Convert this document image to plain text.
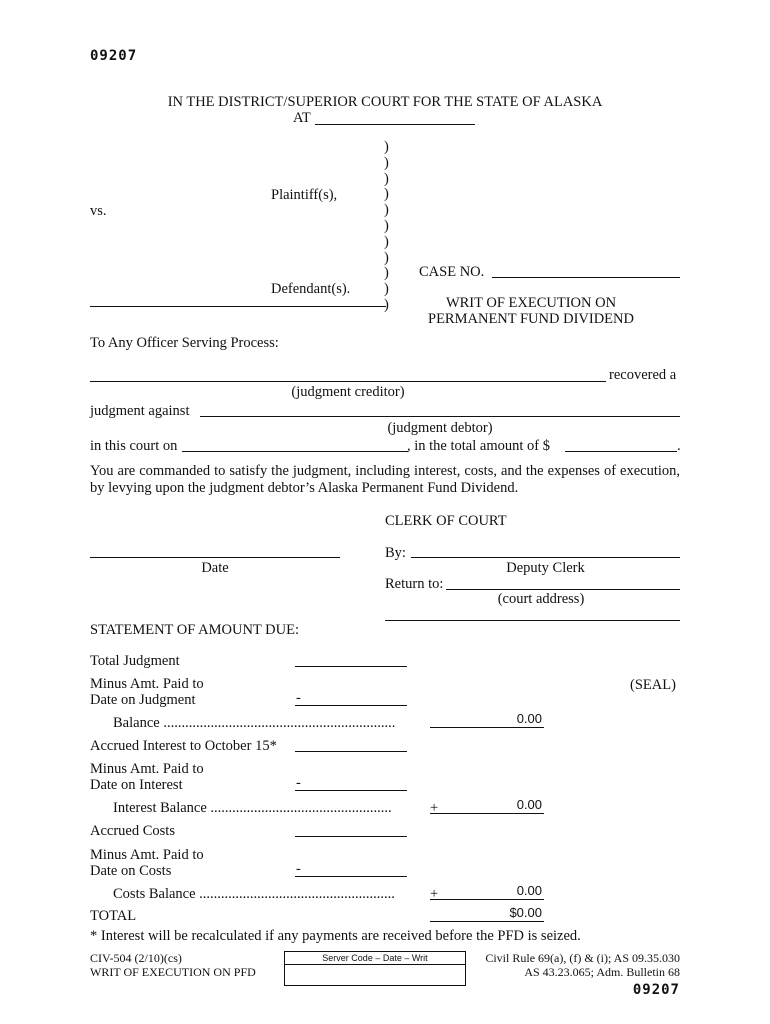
09207
IN THE DISTRICT/SUPERIOR COURT FOR THE STATE OF ALASKA
AT
)
)
)
)
)
)
)
)
)
)
)
Plaintiff(s),
vs.
Defendant(s).
CASE NO.
WRIT OF EXECUTION ON
PERMANENT FUND DIVIDEND
To Any Officer Serving Process:
recovered a
(judgment creditor)
judgment against
(judgment debtor)
in this court on	, in the total amount of $	.
You are commanded to satisfy the judgment, including interest, costs, and the expenses of execution, by levying upon the judgment debtor’s Alaska Permanent Fund Dividend.
CLERK OF COURT
By:
Date	Deputy Clerk
Return to:
(court address)
STATEMENT OF AMOUNT DUE:
Total Judgment
Minus Amt. Paid to
Date on Judgment	-
(SEAL)
Balance ................................................................	0.00
Accrued Interest to October 15*
Minus Amt. Paid to
Date on Interest	-
Interest Balance ..................................................	+	0.00
Accrued Costs
Minus Amt. Paid to
Date on Costs	-
Costs Balance ...................................................... +	0.00
TOTAL	$0.00
* Interest will be recalculated if any payments are received before the PFD is seized.
CIV-504 (2/10)(cs)
WRIT OF EXECUTION ON PFD
Server Code – Date – Writ	Civil Rule 69(a), (f) & (i); AS 09.35.030
AS 43.23.065; Adm. Bulletin 68
09207
